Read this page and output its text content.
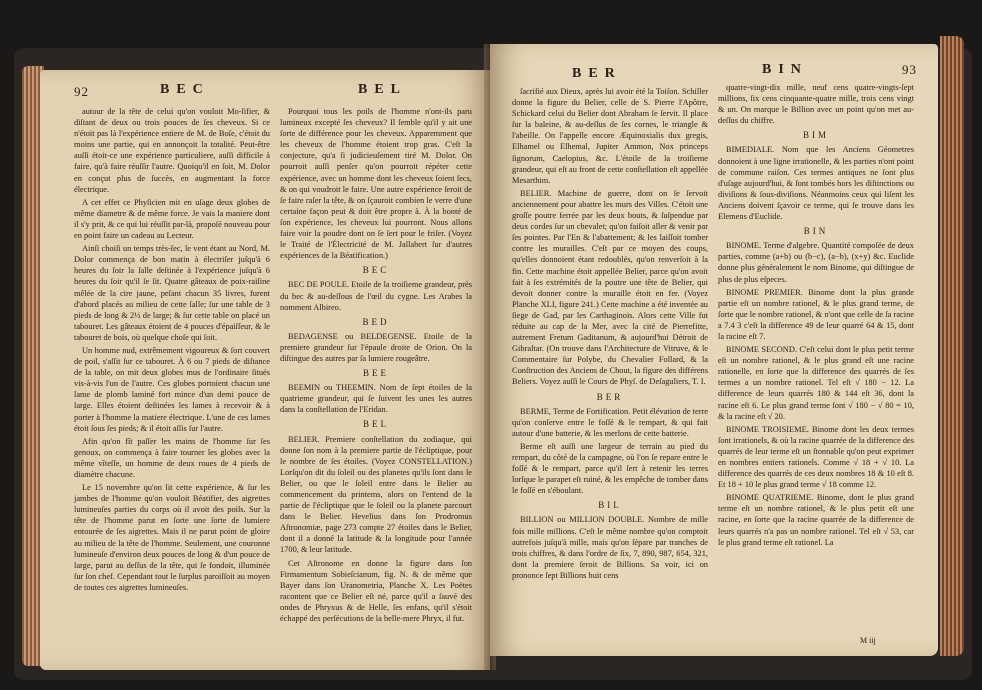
92	BEC	BEL

autour de la tête de celui qu'on vouloit Mo-ſifier, & diſtant de deux ou trois pouces de ſes cheveux. Si ce n'étoit pas là l'expérience entiere de M. de Boſe, c'étoit du moins une partie, qui en annonçoit la totalité. Peut-être auſſi étoit-ce une expérience particuliere, auſſi difficile à faire, qu'à faire réuſſir l'autre. Quoiqu'il en ſoit, M. Dolor en conçut plus de ſuccès, en augmentant la force électrique.

A cet effet ce Phyſicien mit en uſage deux globes de même diametre & de même force. Je vais la maniere dont il s'y prit, & ce qui lui réuſſit par-là, propoſé nouveau pour en point faire un cadeau au Lecteur.

Ainſi choiſi un temps très-ſec, le vent étant au Nord, M. Dolor commença de bon matin à électriſer juſqu'à 6 heures du ſoir la ſalle deſtinée à l'expérience juſqu'à 6 heures du ſoir qu'il ſe ſit. Quatre gâteaux de poix-raiſine mêlée de la cire jaune, peſant chacun 35 livres, furent d'abord placés au milieu de cette ſalle; ſur une table de 3 pieds de long & 2½ de large; & ſur cette table on placé un tabouret. Les gâteaux étoient de 4 pouces d'épaiſſeur, & le tabouret de bois, où quelque choſe qui ſoit.

Un homme nud, extrêmement vigoureux & ſort couvert de poil, s'aſſit ſur ce tabouret. À 6 ou 7 pieds de diſtance de la table, on mit deux globes mus de l'ordinaire ſitués vis-à-vis l'un de l'autre. Ces globes portoient chacun une lame de plomb laminé fort mince d'un demi pouce de large. Elles étoient deſtinées les lames à recevoir & à porter à l'homme la matiere électrique. L'une de ces lames étoit ſous ſes pieds; & il étoit aſſis ſur l'autre.

Afin qu'on fît paſſer les mains de l'homme ſur ſes genoux, on commença à faire tourner les globes avec la même vîteſſe, un homme de deux roues de 4 pieds de diamètre chacune.

Le 15 novembre qu'on lit cette expérience, & ſur les jambes de l'homme qu'on vouloit Béatifier, des aigrettes lumineuſes parties du corps où il avoit des poils. Sur la tête de l'homme parut en ſorte une ſorte de lumiere entourée de ſes aigrettes. Mais il ne parut point de gloire au milieu de la tête de l'homme. Seulement, une couronne lumineuſe d'environ deux pouces de long & d'un pouce de large, parut au deſſus de la tête, qui ſe fondoit, illuminée ſur ſon chef. Cependant tout le ſurplus paroiſſoit au moyen de toutes ces aigrettes lumineuſes.

Pourquoi tous les poils de l'homme n'ont-ils paru lumineux excepté ſes cheveux? Il ſemble qu'il y ait une ſorte de différence pour les cheveux. Apparemment que les cheveux de l'homme étoient trop gras. C'eſt la conjecture, qu'a ſi judicieuſement tiré M. Dolor. On pourroit auſſi penſer qu'on pourroit répéter cette expérience, avec un homme dont les cheveux ſoient ſecs, & on qui voudroit le faire. Une autre expérience ſeroit de ſe faire raſer la tête, & on ſçauroit combien le verre d'une certaine façon peut & doit être propre à. À la bonté de ſon expérience, les cheveux lui pourront. Nous allons faire voir la poudre dont on ſe ſert pour le friſer. (Voyez le Traité de l'Électricité de M. Jallabert ſur d'autres expériences de la Béatification.)

BEC

BEC DE POULE. Etoile de la troiſieme grandeur, près du bec & au-deſſous de l'œil du cygne. Les Arabes la nomment Albireo.

BED

BEDAGENSE ou BELDEGENSE. Etoile de la premiere grandeur ſur l'épaule droite de Orion. On la diſtingue des autres par ſa lumiere rougeâtre.

BEE

BEEMIN ou THEEMIN. Nom de ſept étoiles de la quatrieme grandeur, qui ſe ſuivent les unes les autres dans la conſtellation de l'Eridan.

BEL

BELIER. Premiere conſtellation du zodiaque, qui donne ſon nom à la premiere partie de l'écliptique, pour le nombre de ſes étoiles. (Voyez CONSTELLATION.) Lorſqu'on dit du ſoleil ou des planetes qu'ils ſont dans le Belier, ou que le ſoleil entre dans le Belier au commencement du printems, alors on l'entend de la partie de l'écliptique que le ſoleil ou la planete parcourt dans le Belier. Hevelius dans ſon Prodromus Aſtronomiæ, page 273 compte 27 étoiles dans le Belier, dont il a donné la latitude & la longitude pour l'année 1700, & leur latitude.

Cet Aſtronome en donne la figure dans ſon Firmamentum Sobieſcianum, fig. N. & de même que Bayer dans ſon Uranometria, Planche X. Les Poëtes racontent que ce Belier eſt né, parce qu'il a ſauvé des ondes de Phryxus & de Helle, ſes enfans, qu'il s'étoit échappé des perſécutions de la belle-mere Phryx, il fut.

BER	BIN	93

ſacrifié aux Dieux, après lui avoir été la Toiſon. Schiller donne la figure du Belier, celle de S. Pierre l'Apôtre, Schickard celui du Belier dont Abraham ſe ſervit. Il place ſur la baleine, & au-deſſus de ſes cornes, le triangle & l'abeille. On l'appelle encore Æquinoxialis dux gregis, Elhamel ou Elhemal, Jupiter Ammon, Nox princeps ſignorum, Caelopius, &c. L'étoile de la troiſieme grandeur, qui eſt au front de cette conſtellation eſt appellée Mesarthim.

BELIER. Machine de guerre, dont on ſe ſervoit anciennement pour abattre les murs des Villes. C'étoit une groſſe poutre ferrée par les deux bouts, & ſuſpendue par deux cordes ſur un chevalet; qu'on faiſoit aller & venir par ſes pointes. Par l'En & l'abattement; & les laiſſoit tomber contre les murailles. C'eſt par ce moyen des coups, qu'elles donnoient étant redoublés, qu'on renverſoit à la fin. Cette machine étoit appellée Belier, parce qu'on avoit fait à ſes extrémités de la poutre une tête de Belier, qui devoit donner contre la muraille étoit en fer. (Voyez Planche XLI, figure 241.) Cette machine a été inventée au ſiege de Gad, par les Carthaginois. Alors cette Ville fut réduite au cap de la Mer, avec la cité de Pierrefitte, autrement Fretum Gaditanum, & aujourd'hui Détroit de Gibraltar. (On trouve dans l'Architecture de Vitruve, & le Commentaire ſur Polybe, du Chevalier Follard, & la Conſtruction des Anciens de Chout, la figure des différens Beliers. Voyez auſſi le Cours de Phyſ. de Deſaguliers, T. I.

BER

BERME, Terme de Fortification. Petit élévation de terre qu'on conſerve entre le foſſé & le rempart, & qui fait autour d'une batterie, & les merlons de cette batterie.

Berme eſt auſſi une largeur de terrain au pied du rempart, du côté de la campagne, où l'on ſe repare entre le foſſé & le rempart, parce qu'il ſert à retenir les terres lorſque le parapet eſt ruiné, & les empêche de tomber dans le foſſé en s'éboulant.

BIL

BILLION ou MILLION DOUBLE. Nombre de mille fois mille millions. C'eſt le même nombre qu'on comptoit autrefois juſqu'à mille, mais qu'on ſépare par tranches de trois chiffres, & dans l'ordre de ſix, 7, 890, 987, 654, 321, dont la premiere ſeroit de Billions. Sa voir, ici on prononce ſept Billions huit cens

quatre-vingt-dix mille, neuf cens quatre-vingts-ſept millions, ſix cens cinquante-quatre mille, trois cens vingt & un. On marque le Billion avec un point qu'on met au-deſſus du chiffre.

BIM

BIMEDIALE. Nom que les Anciens Géometres donnoient à une ligne irrationelle, & les parties n'ont point de commune raiſon. Ces termes antiques ne ſont plus d'uſage aujourd'hui, & ſont tombés hors les diſtinctions ou diviſions & ſous-diviſions. Néanmoins ceux qui liſent les Anciens doivent ſçavoir ce terme, qui ſe trouve dans les Elemens d'Euclide.

BIN

BINOME. Terme d'algebre. Quantité compoſée de deux parties, comme (a+b) ou (b−c), (a−b), (x+y) &c. Euclide donne plus généralement le nom Binome, qui diſtingue de plus de plus eſpeces.

BINOME PREMIER. Binome dont la plus grande partie eſt un nombre rationel, & le plus grand terme, de ſorte que le nombre rationel, & n'ont que celle de ſa racine a 7.4 3 c'eſt la difference 49 de leur quarré 64 & 15, dont la racine eſt 7.

BINOME SECOND. C'eſt celui dont le plus petit terme eſt un nombre rationel, & le plus grand eſt une racine rationelle, en ſorte que la difference des quarrés de ſes termes a un nombre rationel. Tel eſt √ 180 − 12. La difference de leurs quarrés 180 & 144 eſt 36, dont la racine eſt 6. Le plus grand terme ſont √ 180 − √ 80 = 10, & la racine eſt √ 20.

BINOME TROISIEME. Binome dont les deux termes ſont irrationels, & où la racine quarrée de la difference des quarrés de leur terme eſt un ſtonnable qu'on peut exprimer en nombres entiers rationels. Comme √ 18 + √ 10. La difference des quarrés de ces deux nombres 18 & 10 eſt 8. Et 18 + 10 le plus grand terme √ 18 comme 12.

BINOME QUATRIEME. Binome, dont le plus grand terme eſt un nombre rationel, & le plus petit eſt une racine, en ſorte que la racine quarrée de la difference de leurs quarrés n'a pas un nombre rationel. Tel eſt √ 53, car le plus grand terme eſt rationel. La

M iij
